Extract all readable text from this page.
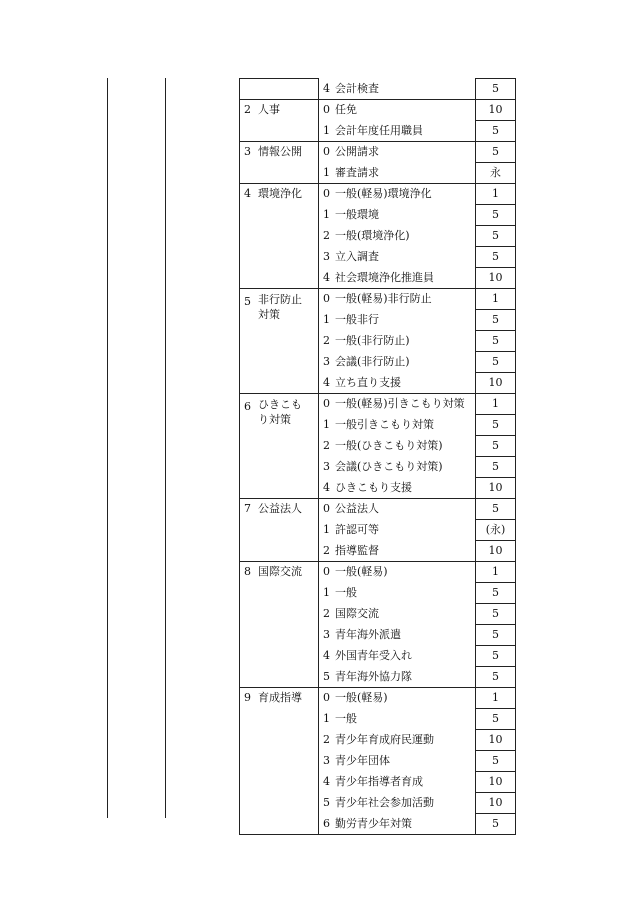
	4 会計検査	5
2 人事	0 任免	10
	1 会計年度任用職員	5
3 情報公開	0 公開請求	5
	1 審査請求	永
4 環境浄化	0 一般(軽易)環境浄化	1
	1 一般環境	5
	2 一般(環境浄化)	5
	3 立入調査	5
	4 社会環境浄化推進員	10
5 非行防止対策	0 一般(軽易)非行防止	1
	1 一般非行	5
	2 一般(非行防止)	5
	3 会議(非行防止)	5
	4 立ち直り支援	10
6 ひきこもり対策	0 一般(軽易)引きこもり対策	1
	1 一般引きこもり対策	5
	2 一般(ひきこもり対策)	5
	3 会議(ひきこもり対策)	5
	4 ひきこもり支援	10
7 公益法人	0 公益法人	5
	1 許認可等	(永)
	2 指導監督	10
8 国際交流	0 一般(軽易)	1
	1 一般	5
	2 国際交流	5
	3 青年海外派遣	5
	4 外国青年受入れ	5
	5 青年海外協力隊	5
9 育成指導	0 一般(軽易)	1
	1 一般	5
	2 青少年育成府民運動	10
	3 青少年団体	5
	4 青少年指導者育成	10
	5 青少年社会参加活動	10
	6 勤労青少年対策	5
